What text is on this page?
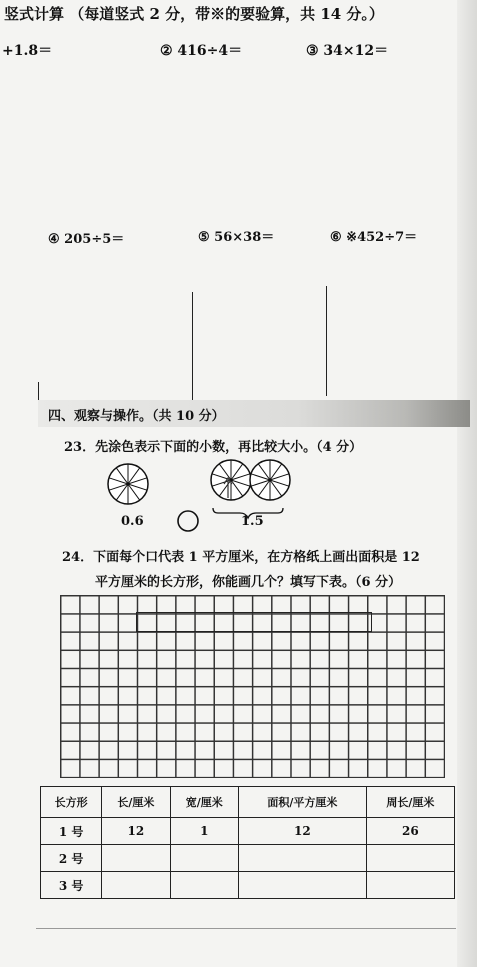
竖式计算 （每道竖式 2 分，带※的要验算，共 14 分。）
+1.8＝	② 416÷4＝	③ 34×12＝
④ 205÷5＝	⑤ 56×38＝	⑥ ※452÷7＝
四、观察与操作。（共 10 分）
23．先涂色表示下面的小数，再比较大小。（4 分）
0.6	1.5
24．下面每个口代表 1 平方厘米，在方格纸上画出面积是 12
平方厘米的长方形，你能画几个？填写下表。（6 分）
长方形	长/厘米	宽/厘米	面积/平方厘米	周长/厘米
1 号	12	1	12	26
2 号				
3 号				
